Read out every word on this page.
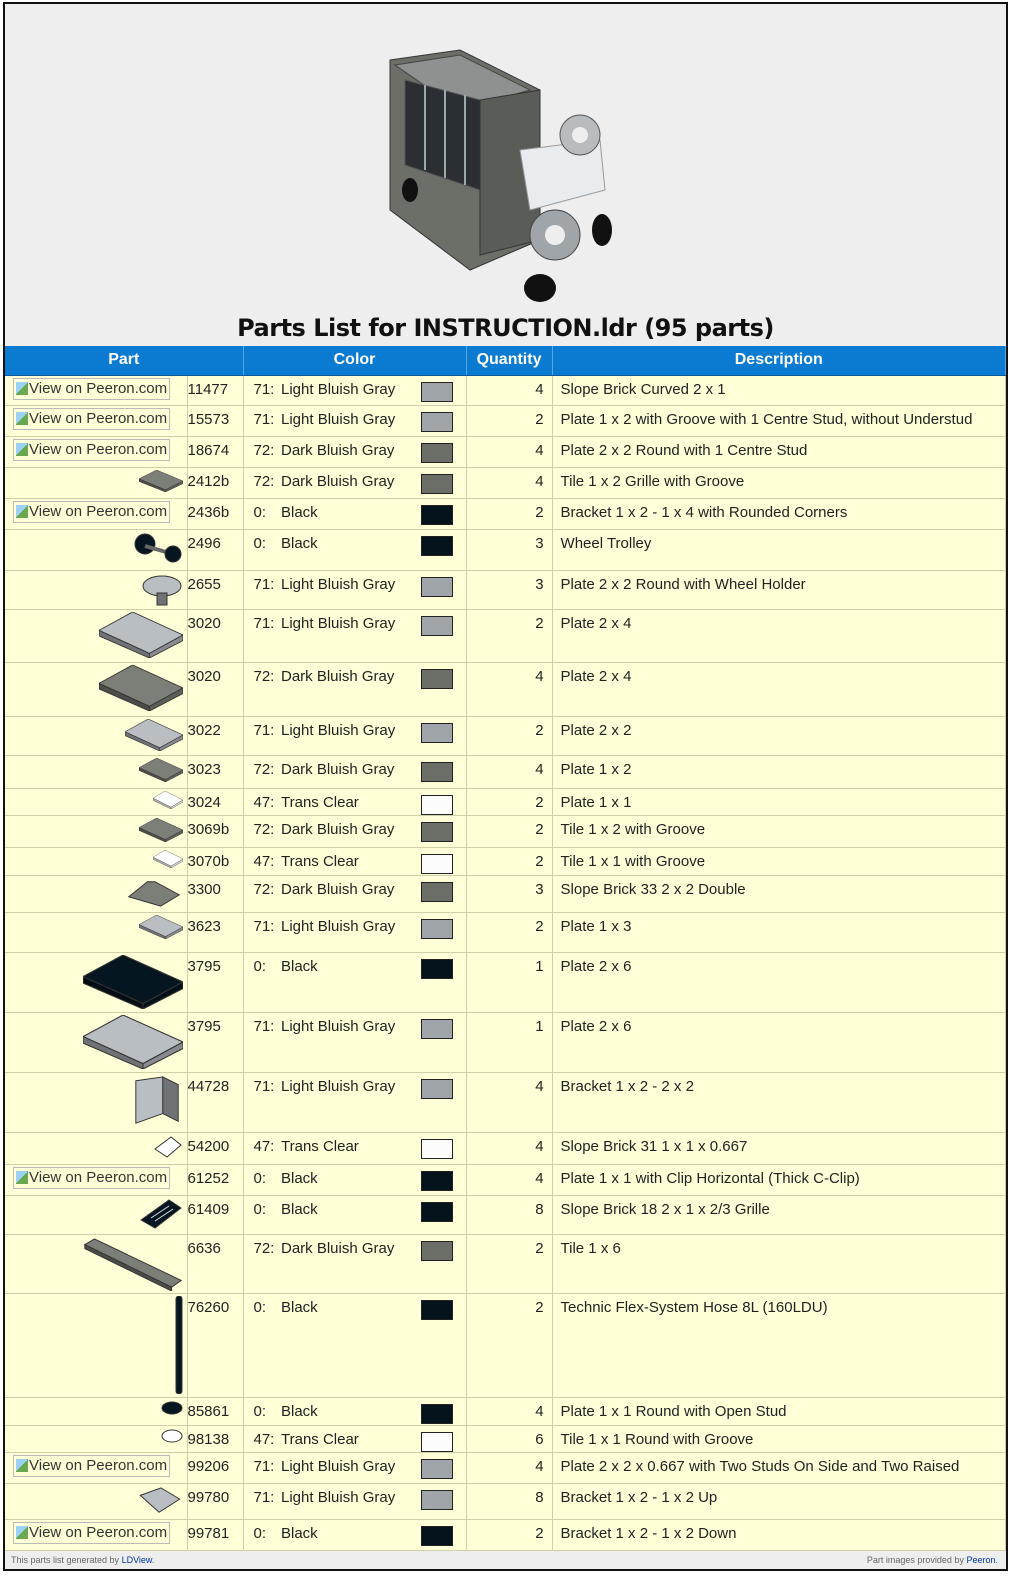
Parts List for INSTRUCTION.ldr (95 parts)
Part		Color			Quantity	Description

View on Peeron.com	11477	71:	Light Bluish Gray		4	Slope Brick Curved 2 x 1

View on Peeron.com	15573	71:	Light Bluish Gray		2	Plate 1 x 2 with Groove with 1 Centre Stud, without Understud

View on Peeron.com	18674	72:	Dark Bluish Gray		4	Plate 2 x 2 Round with 1 Centre Stud
	2412b	72:	Dark Bluish Gray		4	Tile 1 x 2 Grille with Groove

View on Peeron.com	2436b	0:	Black		2	Bracket 1 x 2 - 1 x 4 with Rounded Corners
	2496	0:	Black		3	Wheel Trolley
	2655	71:	Light Bluish Gray		3	Plate 2 x 2 Round with Wheel Holder
	3020	71:	Light Bluish Gray		2	Plate 2 x 4
	3020	72:	Dark Bluish Gray		4	Plate 2 x 4
	3022	71:	Light Bluish Gray		2	Plate 2 x 2
	3023	72:	Dark Bluish Gray		4	Plate 1 x 2
	3024	47:	Trans Clear		2	Plate 1 x 1
	3069b	72:	Dark Bluish Gray		2	Tile 1 x 2 with Groove
	3070b	47:	Trans Clear		2	Tile 1 x 1 with Groove
	3300	72:	Dark Bluish Gray		3	Slope Brick 33 2 x 2 Double
	3623	71:	Light Bluish Gray		2	Plate 1 x 3
	3795	0:	Black		1	Plate 2 x 6
	3795	71:	Light Bluish Gray		1	Plate 2 x 6
	44728	71:	Light Bluish Gray		4	Bracket 1 x 2 - 2 x 2
	54200	47:	Trans Clear		4	Slope Brick 31 1 x 1 x 0.667

View on Peeron.com	61252	0:	Black		4	Plate 1 x 1 with Clip Horizontal (Thick C-Clip)
	61409	0:	Black		8	Slope Brick 18 2 x 1 x 2/3 Grille
	6636	72:	Dark Bluish Gray		2	Tile 1 x 6
	76260	0:	Black		2	Technic Flex-System Hose 8L (160LDU)
	85861	0:	Black		4	Plate 1 x 1 Round with Open Stud
	98138	47:	Trans Clear		6	Tile 1 x 1 Round with Groove

View on Peeron.com	99206	71:	Light Bluish Gray		4	Plate 2 x 2 x 0.667 with Two Studs On Side and Two Raised
	99780	71:	Light Bluish Gray		8	Bracket 1 x 2 - 1 x 2 Up

View on Peeron.com	99781	0:	Black		2	Bracket 1 x 2 - 1 x 2 Down
This parts list generated by LDView.	Part images provided by Peeron.
